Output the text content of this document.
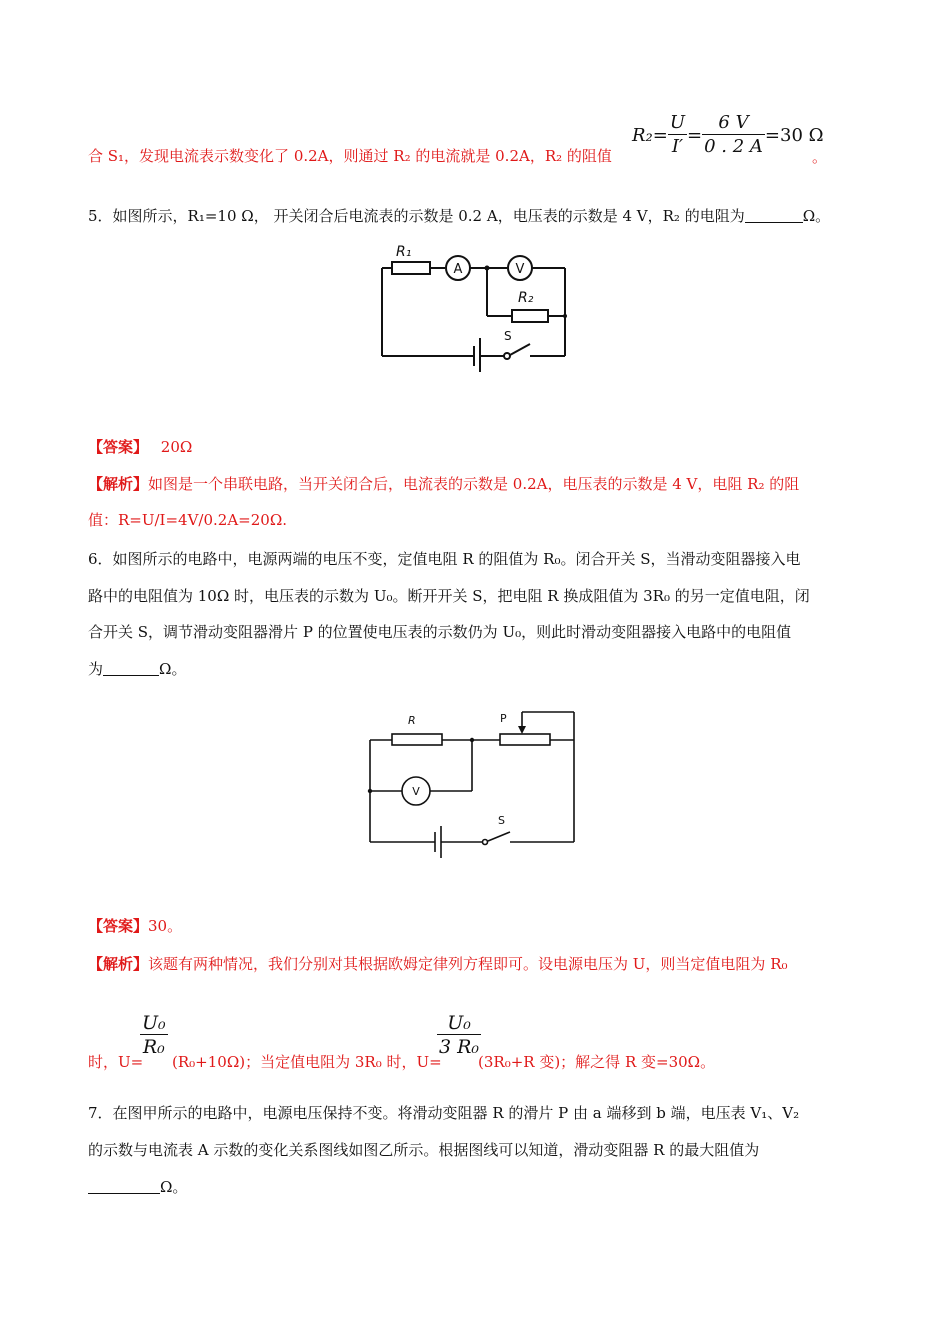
合 S₁，发现电流表示数变化了 0.2A，则通过 R₂ 的电流就是 0.2A，R₂ 的阻值
$R_2= \frac{U}{I'} = \frac{6 V}{0 . 2 A} =30$ Ω
。
5．如图所示，R₁=10 Ω， 开关闭合后电流表的示数是 0.2 A，电压表的示数是 4 V，R₂ 的电阻为	Ω。
R₁
A	V
R₂
S
【答案】 20Ω
【解析】如图是一个串联电路，当开关闭合后，电流表的示数是 0.2A，电压表的示数是 4 V，电阻 R₂ 的阻
值：R=U/I=4V/0.2A=20Ω.
6．如图所示的电路中，电源两端的电压不变，定值电阻 R 的阻值为 R₀。闭合开关 S，当滑动变阻器接入电
路中的电阻值为 10Ω 时，电压表的示数为 U₀。断开开关 S，把电阻 R 换成阻值为 3R₀ 的另一定值电阻，闭
合开关 S，调节滑动变阻器滑片 P 的位置使电压表的示数仍为 U₀，则此时滑动变阻器接入电路中的电阻值
为	Ω。
R	P
V
S
【答案】30。
【解析】该题有两种情况，我们分别对其根据欧姆定律列方程即可。设电源电压为 U，则当定值电阻为 R₀
时，U=
$\frac{\text{U₀}}{\text{R₀}}$
(R₀+10Ω)；当定值电阻为 3R₀ 时，U=
$\frac{\text{U₀}}{\text{3 R₀}}$
(3R₀+R 变)；解之得 R 变=30Ω。
7．在图甲所示的电路中，电源电压保持不变。将滑动变阻器 R 的滑片 P 由 a 端移到 b 端，电压表 V₁、V₂
的示数与电流表 A 示数的变化关系图线如图乙所示。根据图线可以知道，滑动变阻器 R 的最大阻值为
Ω。
